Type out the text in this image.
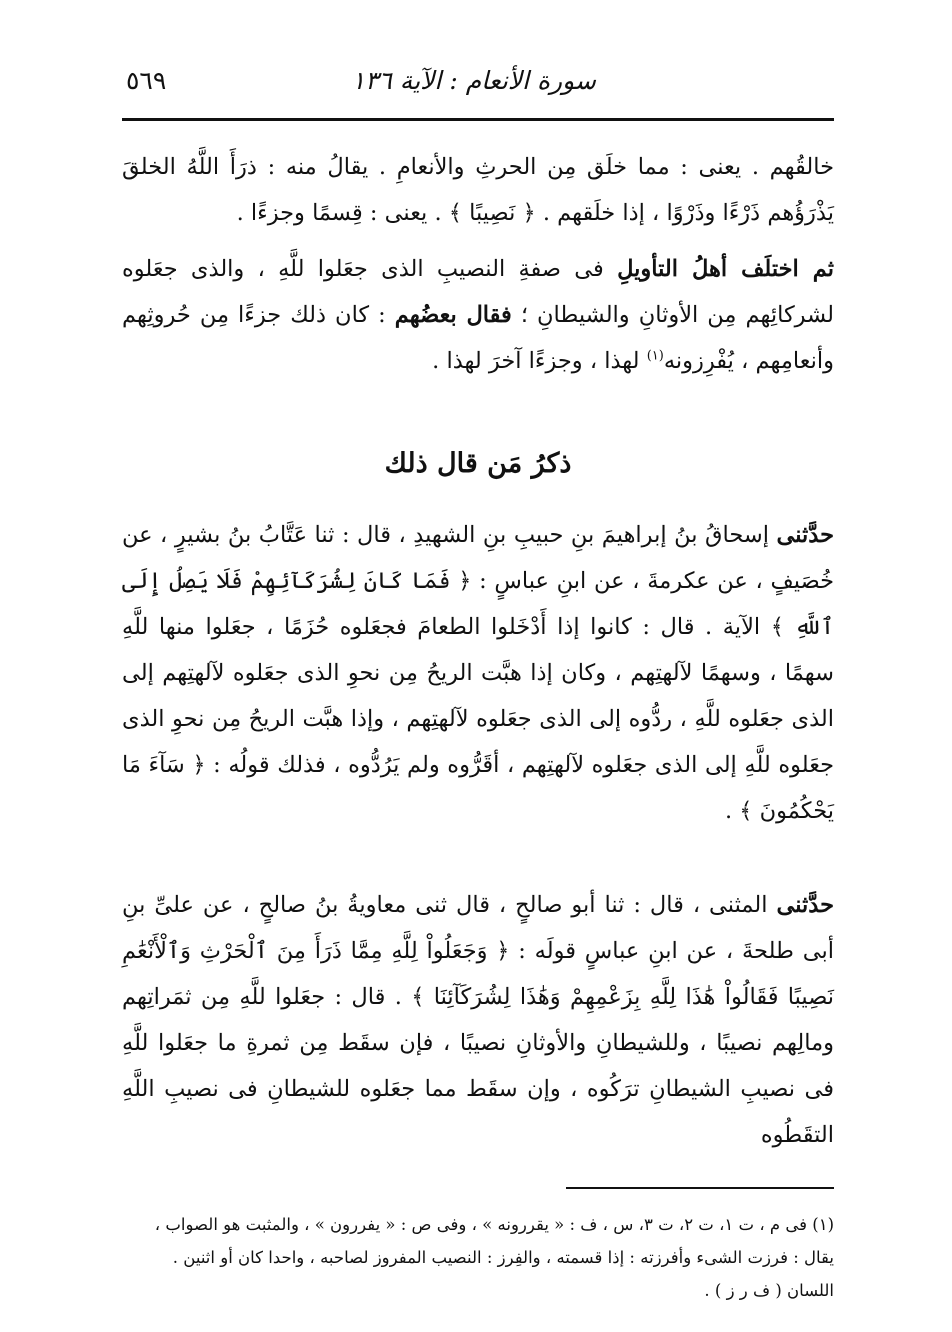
سورة الأنعام : الآية ١٣٦
٥٦٩

خالقُهم . يعنى : مما خلَق مِن الحرثِ والأنعامِ . يقالُ منه : ذرَأَ اللَّهُ الخلقَ يَذْرَؤُهم ذَرْءًا وذَرْوًا ، إذا خلَقهم . ﴿ نَصِيبًا ﴾ . يعنى : قِسمًا وجزءًا .

ثم اختلَف أهلُ التأويلِ فى صفةِ النصيبِ الذى جعَلوا للَّهِ ، والذى جعَلوه لشركائِهم مِن الأوثانِ والشيطانِ ؛ فقال بعضُهم : كان ذلك جزءًا مِن حُروثِهم وأنعامِهم ، يُفْرِزونه$^{(١)}$ لهذا ، وجزءًا آخرَ لهذا .

ذكرُ مَن قال ذلك

حدَّثنى إسحاقُ بنُ إبراهيمَ بنِ حبيبِ بنِ الشهيدِ ، قال : ثنا عَتَّابُ بنُ بشيرٍ ، عن خُصَيفٍ ، عن عكرمةَ ، عن ابنِ عباسٍ : ﴿ فَمَا كَانَ لِشُرَكَآئِهِمْ فَلَا يَصِلُ إِلَى ٱللَّهِ ﴾ الآية . قال : كانوا إذا أَدْخَلوا الطعامَ فجعَلوه حُزَمًا ، جعَلوا منها للَّهِ سهمًا ، وسهمًا لآلهتِهم ، وكان إذا هبَّت الريحُ مِن نحوِ الذى جعَلوه لآلهتِهم إلى الذى جعَلوه للَّهِ ، ردُّوه إلى الذى جعَلوه لآلهتِهم ، وإذا هبَّت الريحُ مِن نحوِ الذى جعَلوه للَّهِ إلى الذى جعَلوه لآلهتِهم ، أقَرُّوه ولم يَرُدُّوه ، فذلك قولُه : ﴿ سَآءَ مَا يَحْكُمُونَ ﴾ .

حدَّثنى المثنى ، قال : ثنا أبو صالحٍ ، قال ثنى معاويةُ بنُ صالحٍ ، عن علىِّ بنِ أبى طلحةَ ، عن ابنِ عباسٍ قولَه : ﴿ وَجَعَلُواْ لِلَّهِ مِمَّا ذَرَأَ مِنَ ٱلْحَرْثِ وَٱلْأَنْعَٰمِ نَصِيبًا فَقَالُواْ هَٰذَا لِلَّهِ بِزَعْمِهِمْ وَهَٰذَا لِشُرَكَآئِنَا ﴾ . قال : جعَلوا للَّهِ مِن ثمَراتِهم ومالِهم نصيبًا ، وللشيطانِ والأوثانِ نصيبًا ، فإن سقَط مِن ثمرةِ ما جعَلوا للَّهِ فى نصيبِ الشيطانِ ترَكُوه ، وإن سقَط مما جعَلوه للشيطانِ فى نصيبِ اللَّهِ التقَطُوه

(١) فى م ، ت ١، ت ٢، ت ٣، س ، ف : « يقررونه » ، وفى ص : « يفررون » ، والمثبت هو الصواب ،

يقال : فرزت الشىء وأفرزته : إذا قسمته ، والفِرز : النصيب المفروز لصاحبه ، واحدا كان أو اثنين .

اللسان ( ف ر ز ) .
